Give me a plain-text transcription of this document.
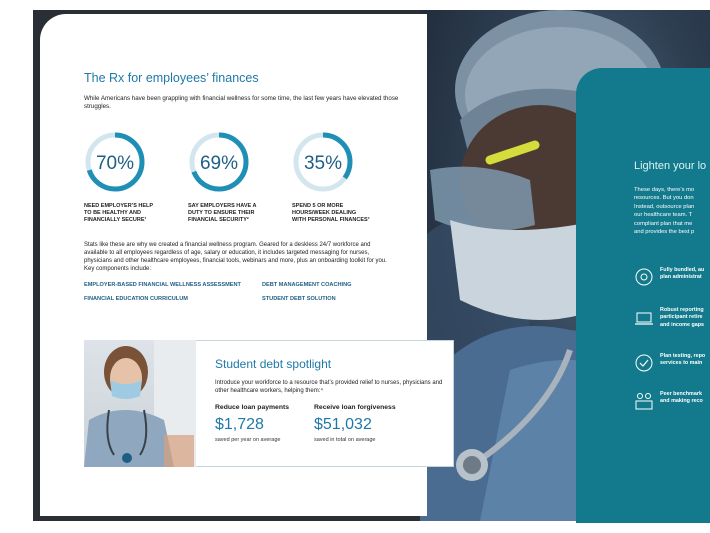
The Rx for employees’ finances
While Americans have been grappling with financial wellness for some time, the last few years have elevated those struggles.
70%
NEED EMPLOYER’S HELP
TO BE HEALTHY AND
FINANCIALLY SECURE¹
69%
SAY EMPLOYERS HAVE A
DUTY TO ENSURE THEIR
FINANCIAL SECURITY²
35%
SPEND 5 OR MORE
HOURS/WEEK DEALING
WITH PERSONAL FINANCES³
Stats like these are why we created a financial wellness program. Geared for a deskless 24/7 workforce and available to all employees regardless of age, salary or education, it includes targeted messaging for nurses, physicians and other healthcare employees, financial tools, webinars and more, plus an onboarding toolkit for you. Key components include:
EMPLOYER-BASED FINANCIAL WELLNESS ASSESSMENT	DEBT MANAGEMENT COACHING
FINANCIAL EDUCATION CURRICULUM	STUDENT DEBT SOLUTION
Student debt spotlight
Introduce your workforce to a resource that’s provided relief to nurses, physicians and other healthcare workers, helping them:⁴
Reduce loan payments
$1,728
saved per year on average
Receive loan forgiveness
$51,032
saved in total on average
Lighten your lo
These days, there’s mo
resources. But you don
Instead, outsource plan
our healthcare team. T
compliant plan that me
and provides the best p
Fully bundled, au
plan administrat
Robust reporting
participant retire
and income gaps
Plan testing, repo
services to main
Peer benchmark
and making reco
